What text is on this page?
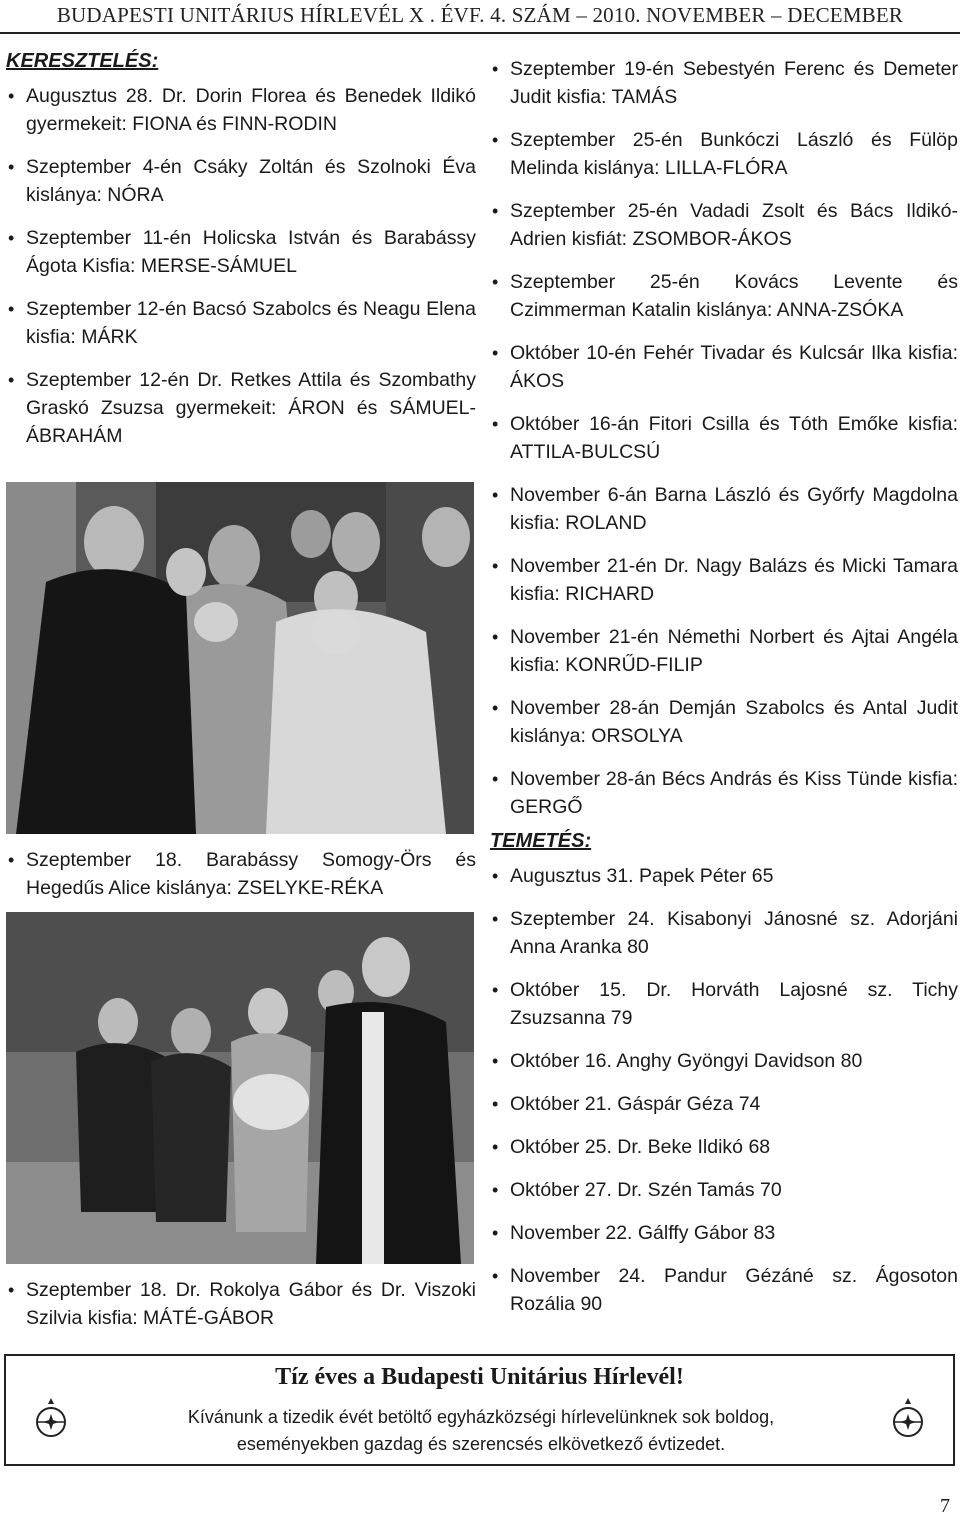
BUDAPESTI UNITÁRIUS HÍRLEVÉL X . ÉVF. 4. SZÁM – 2010. NOVEMBER – DECEMBER
KERESZTELÉS:
• Augusztus 28. Dr. Dorin Florea és Benedek Ildikó gyermekeit: FIONA és FINN-RODIN
• Szeptember 4-én Csáky Zoltán és Szolnoki Éva kislánya: NÓRA
• Szeptember 11-én Holicska István és Barabássy Ágota Kisfia: MERSE-SÁMUEL
• Szeptember 12-én Bacsó Szabolcs és Neagu Elena kisfia: MÁRK
• Szeptember 12-én Dr. Retkes Attila és Szombathy Graskó Zsuzsa gyermekeit: ÁRON és SÁMUEL-ÁBRAHÁM
• Szeptember 18. Barabássy Somogy-Örs és Hegedűs Alice kislánya: ZSELYKE-RÉKA
• Szeptember 18. Dr. Rokolya Gábor és Dr. Viszoki Szilvia kisfia: MÁTÉ-GÁBOR
• Szeptember 19-én Sebestyén Ferenc és Demeter Judit kisfia: TAMÁS
• Szeptember 25-én Bunkóczi László és Fülöp Melinda kislánya: LILLA-FLÓRA
• Szeptember 25-én Vadadi Zsolt és Bács Ildikó-Adrien kisfiát: ZSOMBOR-ÁKOS
• Szeptember 25-én Kovács Levente és Czimmerman Katalin kislánya: ANNA-ZSÓKA
• Október 10-én Fehér Tivadar és Kulcsár Ilka kisfia: ÁKOS
• Október 16-án Fitori Csilla és Tóth Emőke kisfia: ATTILA-BULCSÚ
• November 6-án Barna László és Győrfy Magdolna kisfia: ROLAND
• November 21-én Dr. Nagy Balázs és Micki Tamara kisfia: RICHARD
• November 21-én Némethi Norbert és Ajtai Angéla kisfia: KONRŰD-FILIP
• November 28-án Demján Szabolcs és Antal Judit kislánya: ORSOLYA
• November 28-án Bécs András és Kiss Tünde kisfia: GERGŐ
TEMETÉS:
• Augusztus 31. Papek Péter 65
• Szeptember 24. Kisabonyi Jánosné sz. Adorjáni Anna Aranka 80
• Október 15. Dr. Horváth Lajosné sz. Tichy Zsuzsanna 79
• Október 16. Anghy Gyöngyi Davidson 80
• Október 21. Gáspár Géza 74
• Október 25. Dr. Beke Ildikó 68
• Október 27. Dr. Szén Tamás 70
• November 22. Gálffy Gábor 83
• November 24. Pandur Gézáné sz. Ágosoton Rozália 90
Tíz éves a Budapesti Unitárius Hírlevél!
Kívánunk a tizedik évét betöltő egyházközségi hírlevelünknek sok boldog,
eseményekben gazdag és szerencsés elkövetkező évtizedet.
7
